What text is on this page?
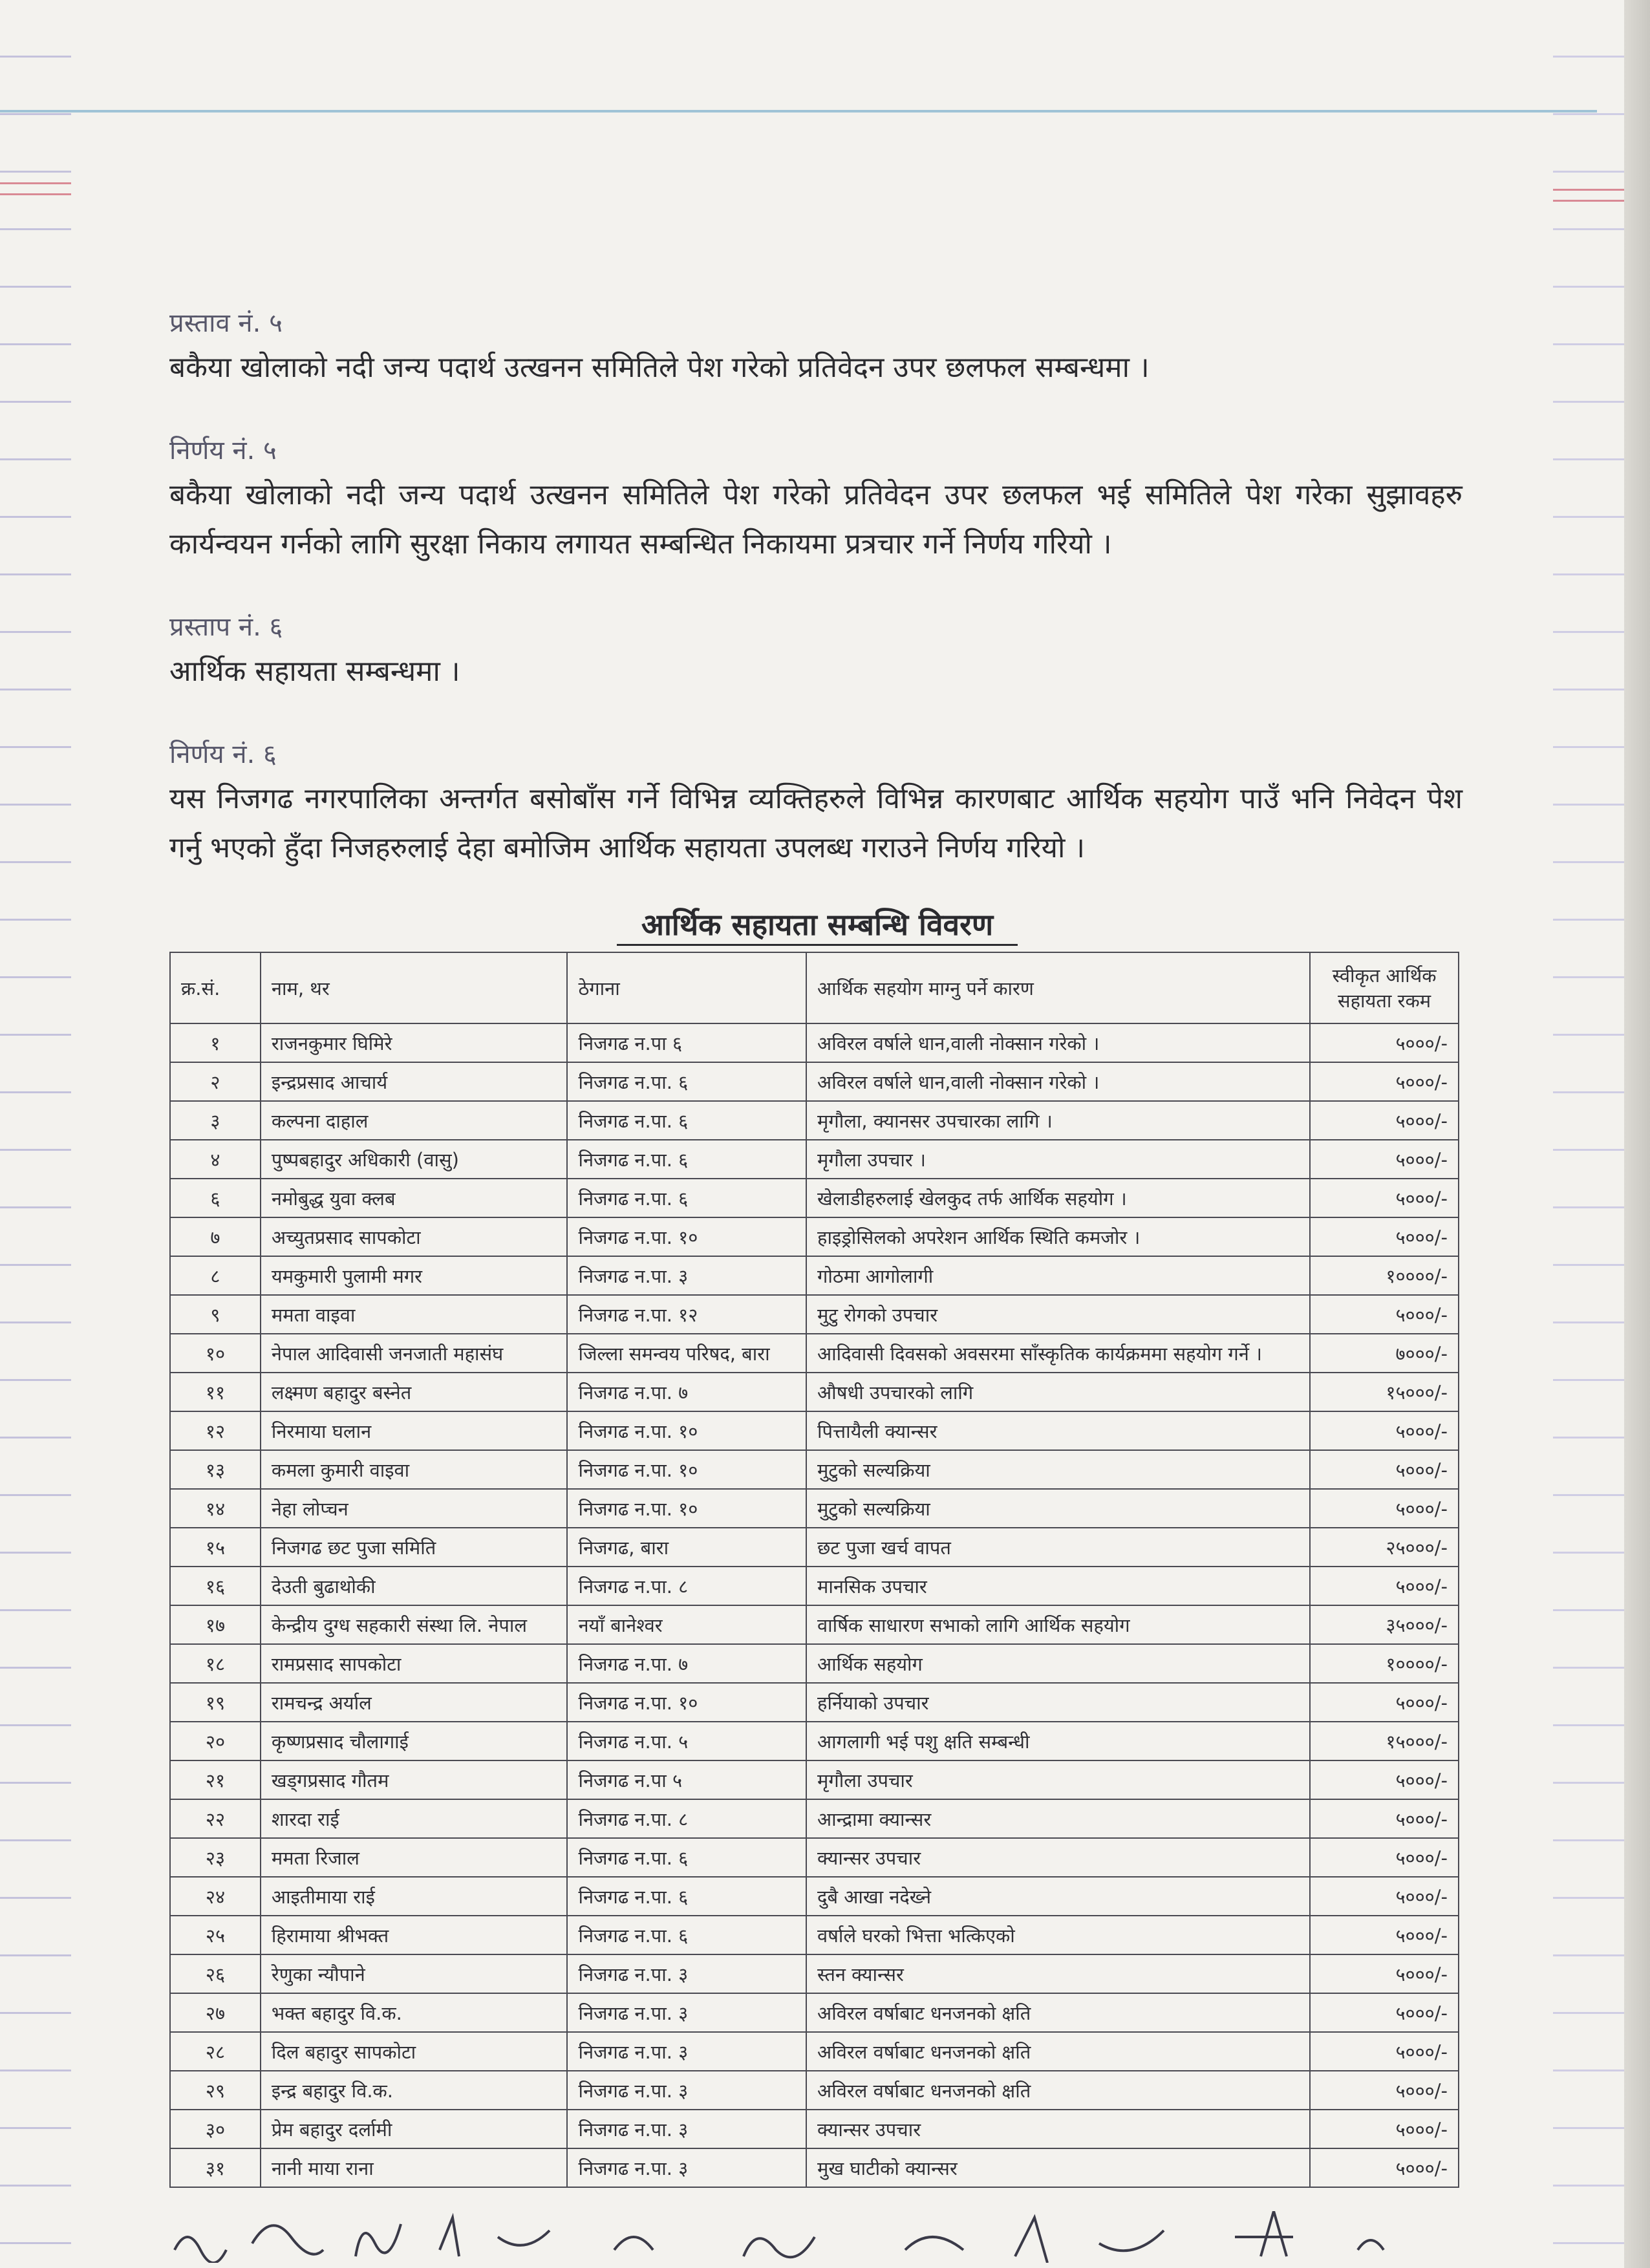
प्रस्ताव नं. ५

बकैया खोलाको नदी जन्य पदार्थ उत्खनन समितिले पेश गरेको प्रतिवेदन उपर छलफल सम्बन्धमा ।

निर्णय नं. ५

बकैया खोलाको नदी जन्य पदार्थ उत्खनन समितिले पेश गरेको प्रतिवेदन उपर छलफल भई समितिले पेश गरेका सुझावहरु कार्यन्वयन गर्नको लागि सुरक्षा निकाय लगायत सम्बन्धित निकायमा प्रत्रचार गर्ने निर्णय गरियो ।

प्रस्ताप नं. ६

आर्थिक सहायता सम्बन्धमा ।

निर्णय नं. ६

यस निजगढ नगरपालिका अन्तर्गत बसोबाँस गर्ने विभिन्न व्यक्तिहरुले विभिन्न कारणबाट आर्थिक सहयोग पाउँ भनि निवेदन पेश गर्नु भएको हुँदा निजहरुलाई देहा बमोजिम आर्थिक सहायता उपलब्ध गराउने निर्णय गरियो ।

आर्थिक सहायता सम्बन्धि विवरण
क्र.सं.	नाम, थर	ठेगाना	आर्थिक सहयोग माग्नु पर्ने कारण	स्वीकृत आर्थिक सहायता रकम
१	राजनकुमार घिमिरे	निजगढ न.पा ६	अविरल वर्षाले धान,वाली नोक्सान गरेको ।	५०००/-
२	इन्द्रप्रसाद आचार्य	निजगढ न.पा. ६	अविरल वर्षाले धान,वाली नोक्सान गरेको ।	५०००/-
३	कल्पना दाहाल	निजगढ न.पा. ६	मृगौला, क्यानसर उपचारका लागि ।	५०००/-
४	पुष्पबहादुर अधिकारी (वासु)	निजगढ न.पा. ६	मृगौला उपचार ।	५०००/-
६	नमोबुद्ध युवा क्लब	निजगढ न.पा. ६	खेलाडीहरुलाई खेलकुद तर्फ आर्थिक सहयोग ।	५०००/-
७	अच्युतप्रसाद सापकोटा	निजगढ न.पा. १०	हाइड्रोसिलको अपरेशन आर्थिक स्थिति कमजोर ।	५०००/-
८	यमकुमारी पुलामी मगर	निजगढ न.पा. ३	गोठमा आगोलागी	१००००/-
९	ममता वाइवा	निजगढ न.पा. १२	मुटु रोगको उपचार	५०००/-
१०	नेपाल आदिवासी जनजाती महासंघ	जिल्ला समन्वय परिषद, बारा	आदिवासी दिवसको अवसरमा साँस्कृतिक कार्यक्रममा सहयोग गर्ने ।	७०००/-
११	लक्ष्मण बहादुर बस्नेत	निजगढ न.पा. ७	औषधी उपचारको लागि	१५०००/-
१२	निरमाया घलान	निजगढ न.पा. १०	पित्तायैली क्यान्सर	५०००/-
१३	कमला कुमारी वाइवा	निजगढ न.पा. १०	मुटुको सल्यक्रिया	५०००/-
१४	नेहा लोप्चन	निजगढ न.पा. १०	मुटुको सल्यक्रिया	५०००/-
१५	निजगढ छट पुजा समिति	निजगढ, बारा	छट पुजा खर्च वापत	२५०००/-
१६	देउती बुढाथोकी	निजगढ न.पा. ८	मानसिक उपचार	५०००/-
१७	केन्द्रीय दुग्ध सहकारी संस्था लि. नेपाल	नयाँ बानेश्वर	वार्षिक साधारण सभाको लागि आर्थिक सहयोग	३५०००/-
१८	रामप्रसाद सापकोटा	निजगढ न.पा. ७	आर्थिक सहयोग	१००००/-
१९	रामचन्द्र अर्याल	निजगढ न.पा. १०	हर्नियाको उपचार	५०००/-
२०	कृष्णप्रसाद चौलागाई	निजगढ न.पा. ५	आगलागी भई पशु क्षति सम्बन्धी	१५०००/-
२१	खड्गप्रसाद गौतम	निजगढ न.पा ५	मृगौला उपचार	५०००/-
२२	शारदा राई	निजगढ न.पा. ८	आन्द्रामा क्यान्सर	५०००/-
२३	ममता रिजाल	निजगढ न.पा. ६	क्यान्सर उपचार	५०००/-
२४	आइतीमाया राई	निजगढ न.पा. ६	दुबै आखा नदेख्ने	५०००/-
२५	हिरामाया श्रीभक्त	निजगढ न.पा. ६	वर्षाले घरको भित्ता भत्किएको	५०००/-
२६	रेणुका न्यौपाने	निजगढ न.पा. ३	स्तन क्यान्सर	५०००/-
२७	भक्त बहादुर वि.क.	निजगढ न.पा. ३	अविरल वर्षाबाट धनजनको क्षति	५०००/-
२८	दिल बहादुर सापकोटा	निजगढ न.पा. ३	अविरल वर्षाबाट धनजनको क्षति	५०००/-
२९	इन्द्र बहादुर वि.क.	निजगढ न.पा. ३	अविरल वर्षाबाट धनजनको क्षति	५०००/-
३०	प्रेम बहादुर दर्लामी	निजगढ न.पा. ३	क्यान्सर उपचार	५०००/-
३१	नानी माया राना	निजगढ न.पा. ३	मुख घाटीको क्यान्सर	५०००/-
